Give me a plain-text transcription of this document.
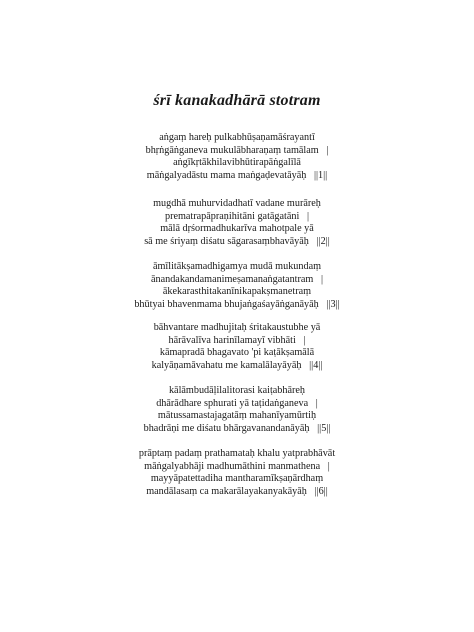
śrī kanakadhārā stotram
aṅgaṃ hareḥ pulkabhūṣaṇamāśrayantī
bhṛṅgāṅganeva mukulābharaṇaṃ tamālam   |
aṅgīkṛtākhilavibhūtirapāṅgalīlā
māṅgalyadāstu mama maṅgaḍevatāyāḥ   ||1||
mugdhā muhurvidadhatī vadane murāreḥ
prematrapāpraṇihitāni gatāgatāni   |
mālā dṛśormadhukarīva mahotpale yā
sā me śriyaṃ diśatu sāgarasaṃbhavāyāḥ   ||2||
āmīlitākṣamadhigamya mudā mukundaṃ
ānandakandamanimeṣamanaṅgatantram   |
ākekarasthitakanīnikapakṣmanetraṃ
bhūtyai bhavenmama bhujaṅgaśayāṅganāyāḥ   ||3||
bāhvantare madhujitaḥ śritakaustubhe yā
hārāvalīva harinīlamayī vibhāti   |
kāmapradā bhagavato 'pi kaṭākṣamālā
kalyāṇamāvahatu me kamalālayāyāḥ   ||4||
kālāmbudāḷilalitorasi kaiṭabhāreḥ
dhārādhare sphurati yā taṭidaṅganeva   |
mātussamastajagatāṃ mahanīyamūrtiḥ
bhadrāṇi me diśatu bhārgavanandanāyāḥ   ||5||
prāptaṃ padaṃ prathamataḥ khalu yatprabhāvāt
māṅgalyabhāji madhumāthini manmathena   |
mayyāpatettadiha mantharamīkṣaṇārdhaṃ
mandālasaṃ ca makarālayakanyakāyāḥ   ||6||
